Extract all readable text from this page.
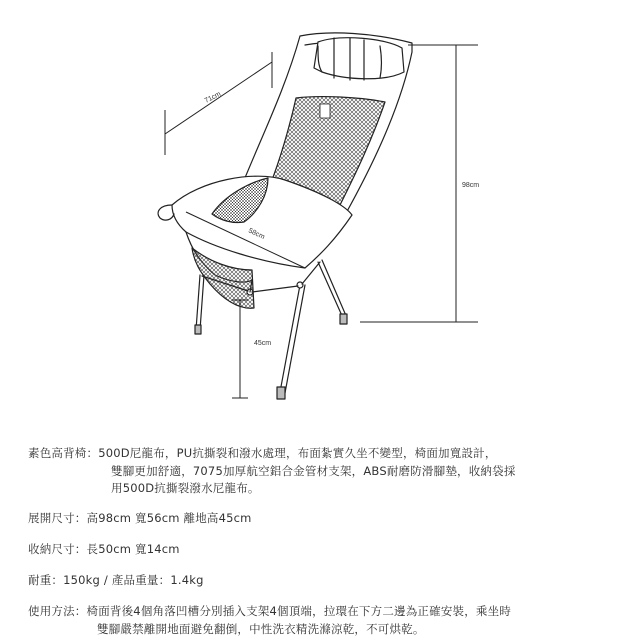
71cm
98cm
58cm
45cm
素色高背椅：500D尼龍布，PU抗撕裂和潑水處理，布面紮實久坐不變型，椅面加寬設計，
雙腳更加舒適，7075加厚航空鋁合金管材支架，ABS耐磨防滑腳墊，收納袋採
用500D抗撕裂潑水尼龍布。
展開尺寸：高98cm 寬56cm 離地高45cm
收納尺寸：長50cm 寬14cm
耐重：150kg / 產品重量：1.4kg
使用方法：椅面背後4個角落凹槽分別插入支架4個頂端，拉環在下方二邊為正確安裝，乘坐時
雙腳嚴禁離開地面避免翻倒，中性洗衣精洗滌涼乾，不可烘乾。
